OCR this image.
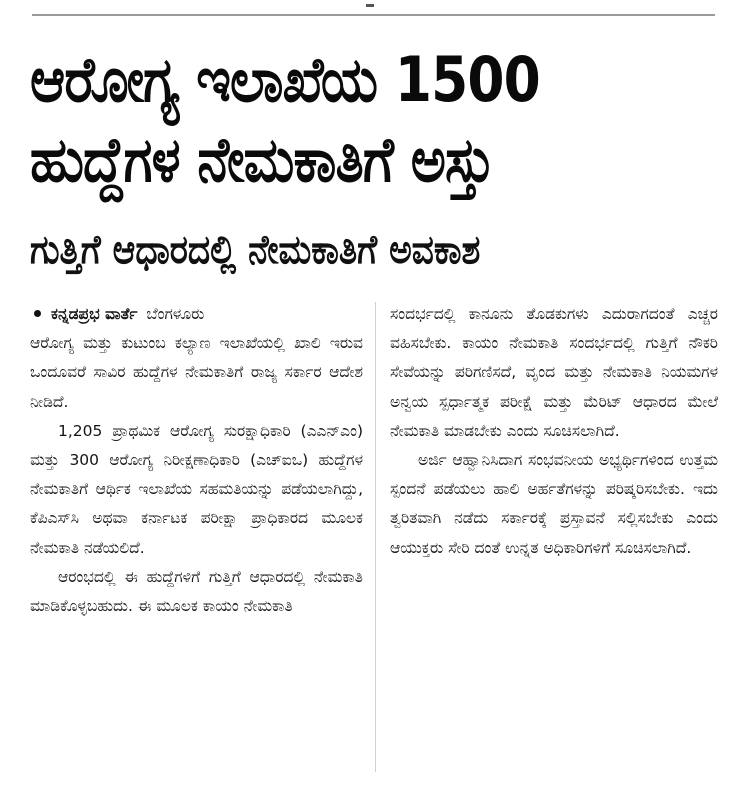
ಆರೋಗ್ಯ ಇಲಾಖೆಯ 1500
ಹುದ್ದೆಗಳ ನೇಮಕಾತಿಗೆ ಅಸ್ತು
ಗುತ್ತಿಗೆ ಆಧಾರದಲ್ಲಿ ನೇಮಕಾತಿಗೆ ಅವಕಾಶ

ಕನ್ನಡಪ್ರಭ ವಾರ್ತೆ ಬೆಂಗಳೂರು

ಆರೋಗ್ಯ ಮತ್ತು ಕುಟುಂಬ ಕಲ್ಯಾಣ ಇಲಾಖೆಯಲ್ಲಿ ಖಾಲಿ ಇರುವ ಒಂದೂವರೆ ಸಾವಿರ ಹುದ್ದೆಗಳ ನೇಮಕಾತಿಗೆ ರಾಜ್ಯ ಸರ್ಕಾರ ಆದೇಶ ನೀಡಿದೆ.

1,205 ಪ್ರಾಥಮಿಕ ಆರೋಗ್ಯ ಸುರಕ್ಷಾಧಿಕಾರಿ (ಎಎನ್‌ಎಂ) ಮತ್ತು 300 ಆರೋಗ್ಯ ನಿರೀಕ್ಷಣಾಧಿಕಾರಿ (ಎಚ್‌ಐಒ) ಹುದ್ದೆಗಳ ನೇಮಕಾತಿಗೆ ಆರ್ಥಿಕ ಇಲಾಖೆಯ ಸಹಮತಿಯನ್ನು ಪಡೆಯಲಾಗಿದ್ದು, ಕೆಪಿಎಸ್‌ಸಿ ಅಥವಾ ಕರ್ನಾಟಕ ಪರೀಕ್ಷಾ ಪ್ರಾಧಿಕಾರದ ಮೂಲಕ ನೇಮಕಾತಿ ನಡೆಯಲಿದೆ.

ಆರಂಭದಲ್ಲಿ ಈ ಹುದ್ದೆಗಳಿಗೆ ಗುತ್ತಿಗೆ ಆಧಾರದಲ್ಲಿ ನೇಮಕಾತಿ ಮಾಡಿಕೊಳ್ಳಬಹುದು. ಈ ಮೂಲಕ ಕಾಯಂ ನೇಮಕಾತಿ

ಸಂದರ್ಭದಲ್ಲಿ ಕಾನೂನು ತೊಡಕುಗಳು ಎದುರಾಗದಂತೆ ಎಚ್ಚರ ವಹಿಸಬೇಕು. ಕಾಯಂ ನೇಮಕಾತಿ ಸಂದರ್ಭದಲ್ಲಿ ಗುತ್ತಿಗೆ ನೌಕರಿ ಸೇವೆಯನ್ನು ಪರಿಗಣಿಸದೆ, ವೃಂದ ಮತ್ತು ನೇಮಕಾತಿ ನಿಯಮಗಳ ಅನ್ವಯ ಸ್ಪರ್ಧಾತ್ಮಕ ಪರೀಕ್ಷೆ ಮತ್ತು ಮೆರಿಟ್ ಆಧಾರದ ಮೇಲೆ ನೇಮಕಾತಿ ಮಾಡಬೇಕು ಎಂದು ಸೂಚಿಸಲಾಗಿದೆ.

ಅರ್ಜಿ ಆಹ್ವಾನಿಸಿದಾಗ ಸಂಭವನೀಯ ಅಭ್ಯರ್ಥಿಗಳಿಂದ ಉತ್ತಮ ಸ್ಪಂದನೆ ಪಡೆಯಲು ಹಾಲಿ ಅರ್ಹತೆಗಳನ್ನು ಪರಿಷ್ಕರಿಸಬೇಕು. ಇದು ತ್ವರಿತವಾಗಿ ನಡೆದು ಸರ್ಕಾರಕ್ಕೆ ಪ್ರಸ್ತಾವನೆ ಸಲ್ಲಿಸಬೇಕು ಎಂದು ಆಯುಕ್ತರು ಸೇರಿ ದಂತೆ ಉನ್ನತ ಅಧಿಕಾರಿಗಳಿಗೆ ಸೂಚಿಸಲಾಗಿದೆ.
